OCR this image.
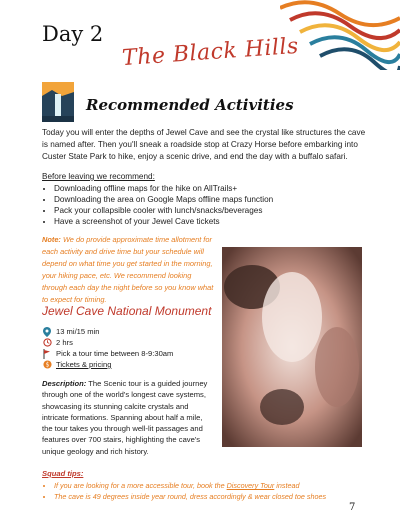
Day 2 The Black Hills
Recommended Activities

Today you will enter the depths of Jewel Cave and see the crystal like structures the cave is named after. Then you'll sneak a roadside stop at Crazy Horse before embarking into Custer State Park to hike, enjoy a scenic drive, and end the day with a buffalo safari.

Before leaving we recommend:
• Downloading offline maps for the hike on AllTrails+
• Downloading the area on Google Maps offline maps function
• Pack your collapsible cooler with lunch/snacks/beverages
• Have a screenshot of your Jewel Cave tickets

Note: We do provide approximate time allotment for each activity and drive time but your schedule will depend on what time you get started in the morning, your hiking pace, etc. We recommend looking through each day the night before so you know what to expect for timing.

Jewel Cave National Monument
13 mi/15 min
2 hrs
Pick a tour time between 8-9:30am
$ Tickets & pricing

Description: The Scenic tour is a guided journey through one of the world's longest cave systems, showcasing its stunning calcite crystals and intricate formations. Spanning about half a mile, the tour takes you through well-lit passages and features over 700 stairs, highlighting the cave's unique geology and rich history.

Squad tips:
• If you are looking for a more accessible tour, book the Discovery Tour instead
• The cave is 49 degrees inside year round, dress accordingly & wear closed toe shoes
7
